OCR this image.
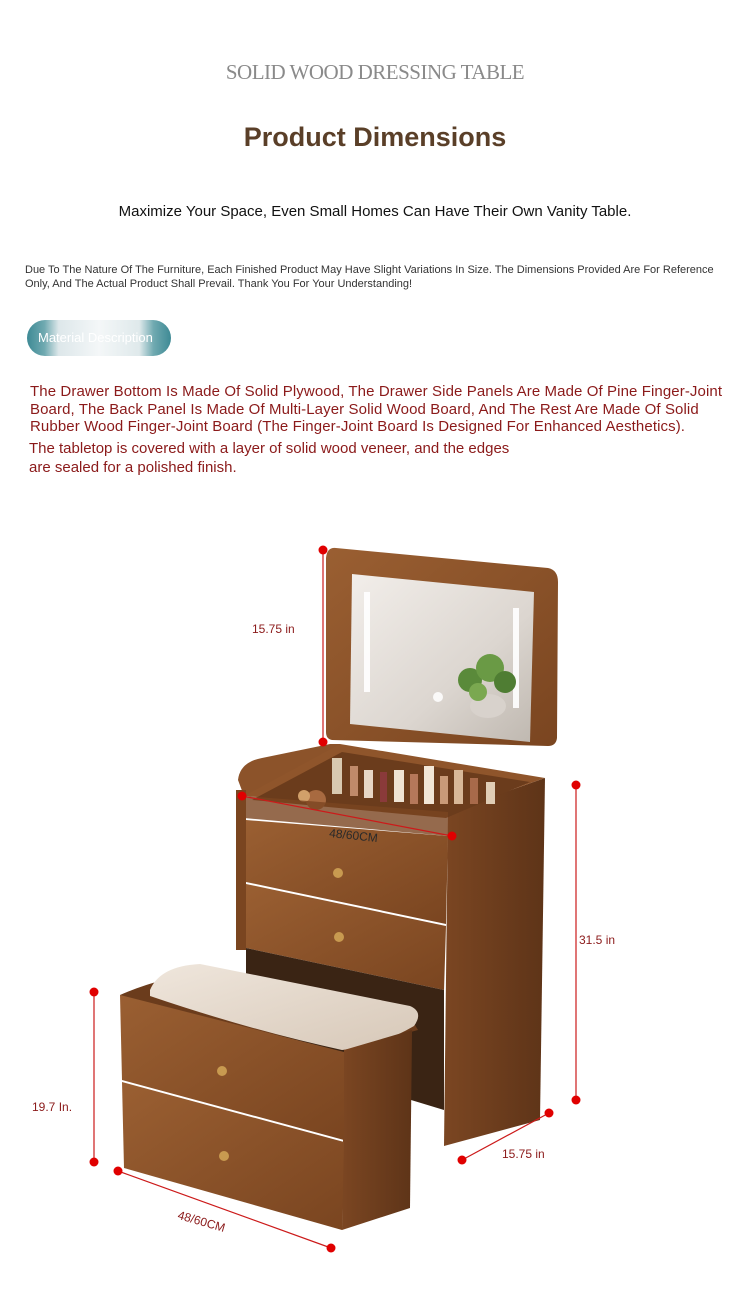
SOLID WOOD DRESSING TABLE
Product Dimensions
Maximize Your Space, Even Small Homes Can Have Their Own Vanity Table.
Due To The Nature Of The Furniture, Each Finished Product May Have Slight Variations In Size. The Dimensions Provided Are For Reference Only, And The Actual Product Shall Prevail. Thank You For Your Understanding!
Material Description
The Drawer Bottom Is Made Of Solid Plywood, The Drawer Side Panels Are Made Of Pine Finger-Joint Board, The Back Panel Is Made Of Multi-Layer Solid Wood Board, And The Rest Are Made Of Solid Rubber Wood Finger-Joint Board (The Finger-Joint Board Is Designed For Enhanced Aesthetics).
The tabletop is covered with a layer of solid wood veneer, and the edges
are sealed for a polished finish.
15.75 in
48/60CM
31.5 in
15.75 in
19.7 In.
48/60CM
